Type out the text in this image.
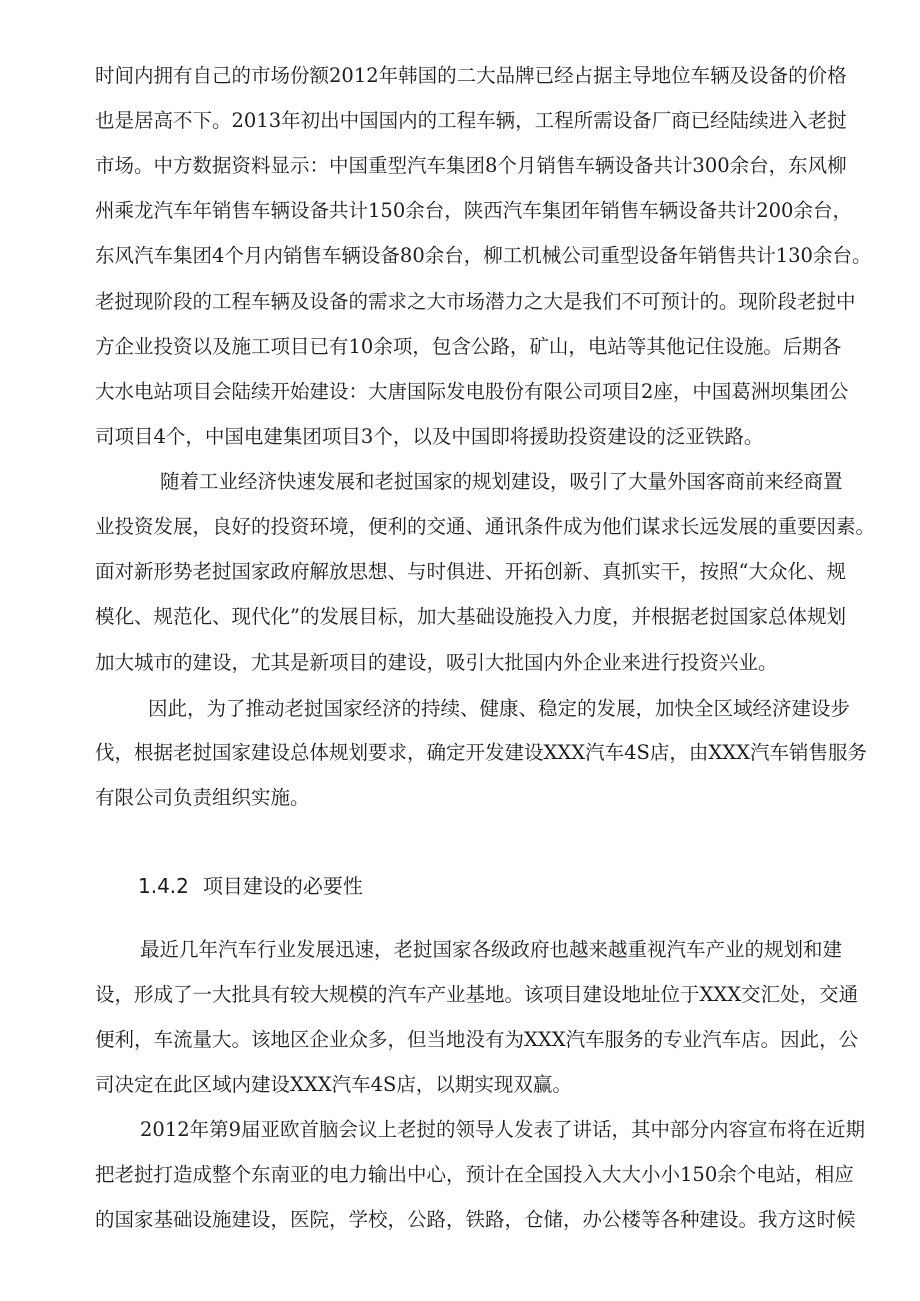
时间内拥有自己的市场份额2012年韩国的二大品牌已经占据主导地位车辆及设备的价格
也是居高不下。2013年初出中国国内的工程车辆，工程所需设备厂商已经陆续进入老挝
市场。中方数据资料显示：中国重型汽车集团8个月销售车辆设备共计300余台，东风柳
州乘龙汽车年销售车辆设备共计150余台，陕西汽车集团年销售车辆设备共计200余台，
东风汽车集团4个月内销售车辆设备80余台，柳工机械公司重型设备年销售共计130余台。
老挝现阶段的工程车辆及设备的需求之大市场潜力之大是我们不可预计的。现阶段老挝中
方企业投资以及施工项目已有10余项，包含公路，矿山，电站等其他记住设施。后期各
大水电站项目会陆续开始建设：大唐国际发电股份有限公司项目2座，中国葛洲坝集团公
司项目4个，中国电建集团项目3个，以及中国即将援助投资建设的泛亚铁路。
随着工业经济快速发展和老挝国家的规划建设，吸引了大量外国客商前来经商置
业投资发展，良好的投资环境，便利的交通、通讯条件成为他们谋求长远发展的重要因素。
面对新形势老挝国家政府解放思想、与时俱进、开拓创新、真抓实干，按照“大众化、规
模化、规范化、现代化”的发展目标，加大基础设施投入力度，并根据老挝国家总体规划
加大城市的建设，尤其是新项目的建设，吸引大批国内外企业来进行投资兴业。
因此，为了推动老挝国家经济的持续、健康、稳定的发展，加快全区域经济建设步
伐，根据老挝国家建设总体规划要求，确定开发建设XXX汽车4S店，由XXX汽车销售服务
有限公司负责组织实施。
1.4.2 项目建设的必要性
最近几年汽车行业发展迅速，老挝国家各级政府也越来越重视汽车产业的规划和建
设，形成了一大批具有较大规模的汽车产业基地。该项目建设地址位于XXX交汇处，交通
便利，车流量大。该地区企业众多，但当地没有为XXX汽车服务的专业汽车店。因此，公
司决定在此区域内建设XXX汽车4S店，以期实现双赢。
2012年第9届亚欧首脑会议上老挝的领导人发表了讲话，其中部分内容宣布将在近期
把老挝打造成整个东南亚的电力输出中心，预计在全国投入大大小小150余个电站，相应
的国家基础设施建设，医院，学校，公路，铁路，仓储，办公楼等各种建设。我方这时候
